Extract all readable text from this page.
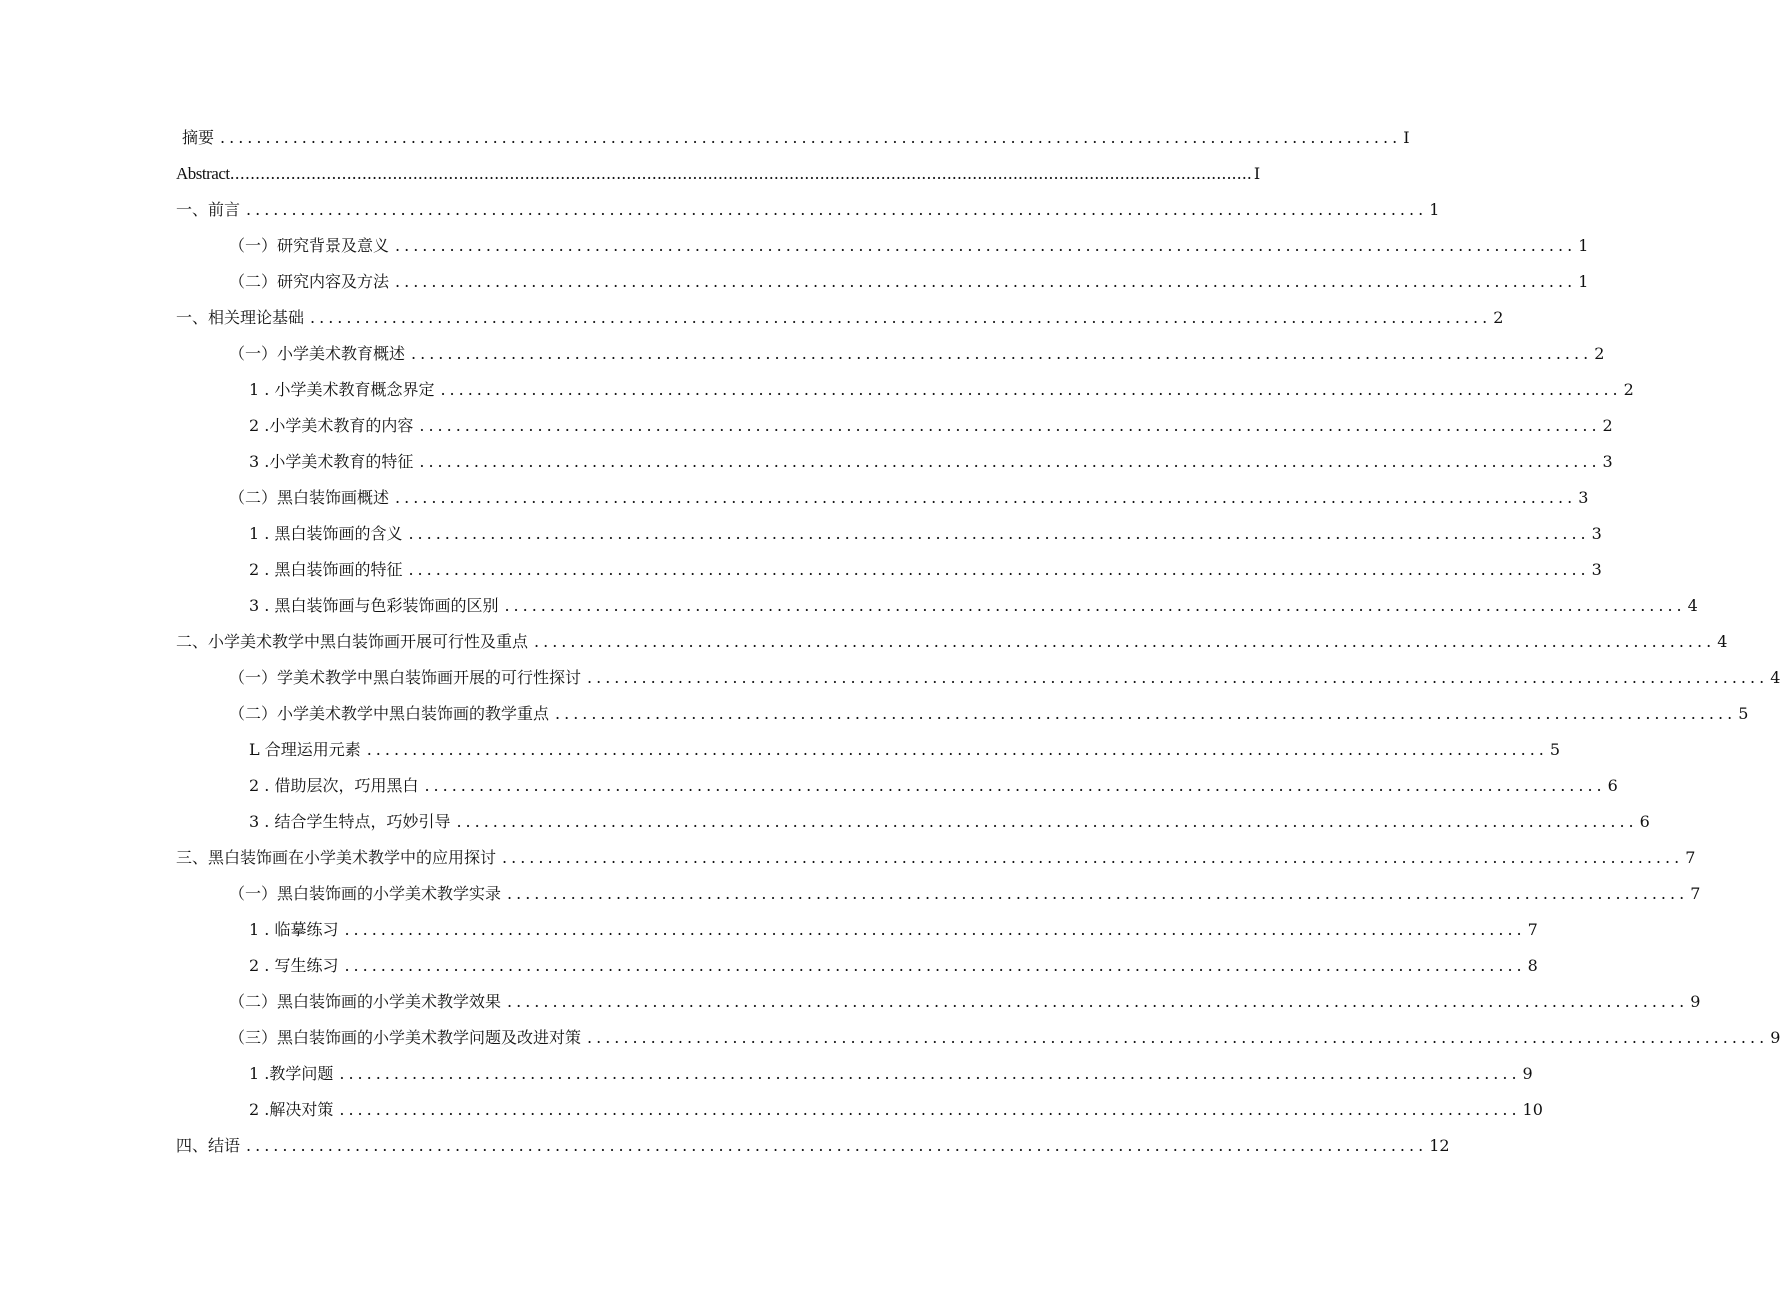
摘要 .................................................................................................................................. I
Abstract ......................................................................................................................................................................................................... I
一、前言 .................................................................................................................................. 1
（一）研究背景及意义 .................................................................................................................................. 1
（二）研究内容及方法 .................................................................................................................................. 1
一、相关理论基础 .................................................................................................................................. 2
（一）小学美术教育概述 .................................................................................................................................. 2
1 . 小学美术教育概念界定 .................................................................................................................................. 2
2 .小学美术教育的内容 .................................................................................................................................. 2
3 .小学美术教育的特征 .................................................................................................................................. 3
（二）黑白装饰画概述 .................................................................................................................................. 3
1 . 黑白装饰画的含义 .................................................................................................................................. 3
2 . 黑白装饰画的特征 .................................................................................................................................. 3
3 . 黑白装饰画与色彩装饰画的区别 .................................................................................................................................. 4
二、小学美术教学中黑白装饰画开展可行性及重点 .................................................................................................................................. 4
（一）学美术教学中黑白装饰画开展的可行性探讨 .................................................................................................................................. 4
（二）小学美术教学中黑白装饰画的教学重点 .................................................................................................................................. 5
L 合理运用元素 .................................................................................................................................. 5
2 . 借助层次，巧用黑白 .................................................................................................................................. 6
3 . 结合学生特点，巧妙引导 .................................................................................................................................. 6
三、黑白装饰画在小学美术教学中的应用探讨 .................................................................................................................................. 7
（一）黑白装饰画的小学美术教学实录 .................................................................................................................................. 7
1 . 临摹练习 .................................................................................................................................. 7
2 . 写生练习 .................................................................................................................................. 8
（二）黑白装饰画的小学美术教学效果 .................................................................................................................................. 9
（三）黑白装饰画的小学美术教学问题及改进对策 .................................................................................................................................. 9
1 .教学问题 .................................................................................................................................. 9
2 .解决对策 .................................................................................................................................. 10
四、结语 .................................................................................................................................. 12
